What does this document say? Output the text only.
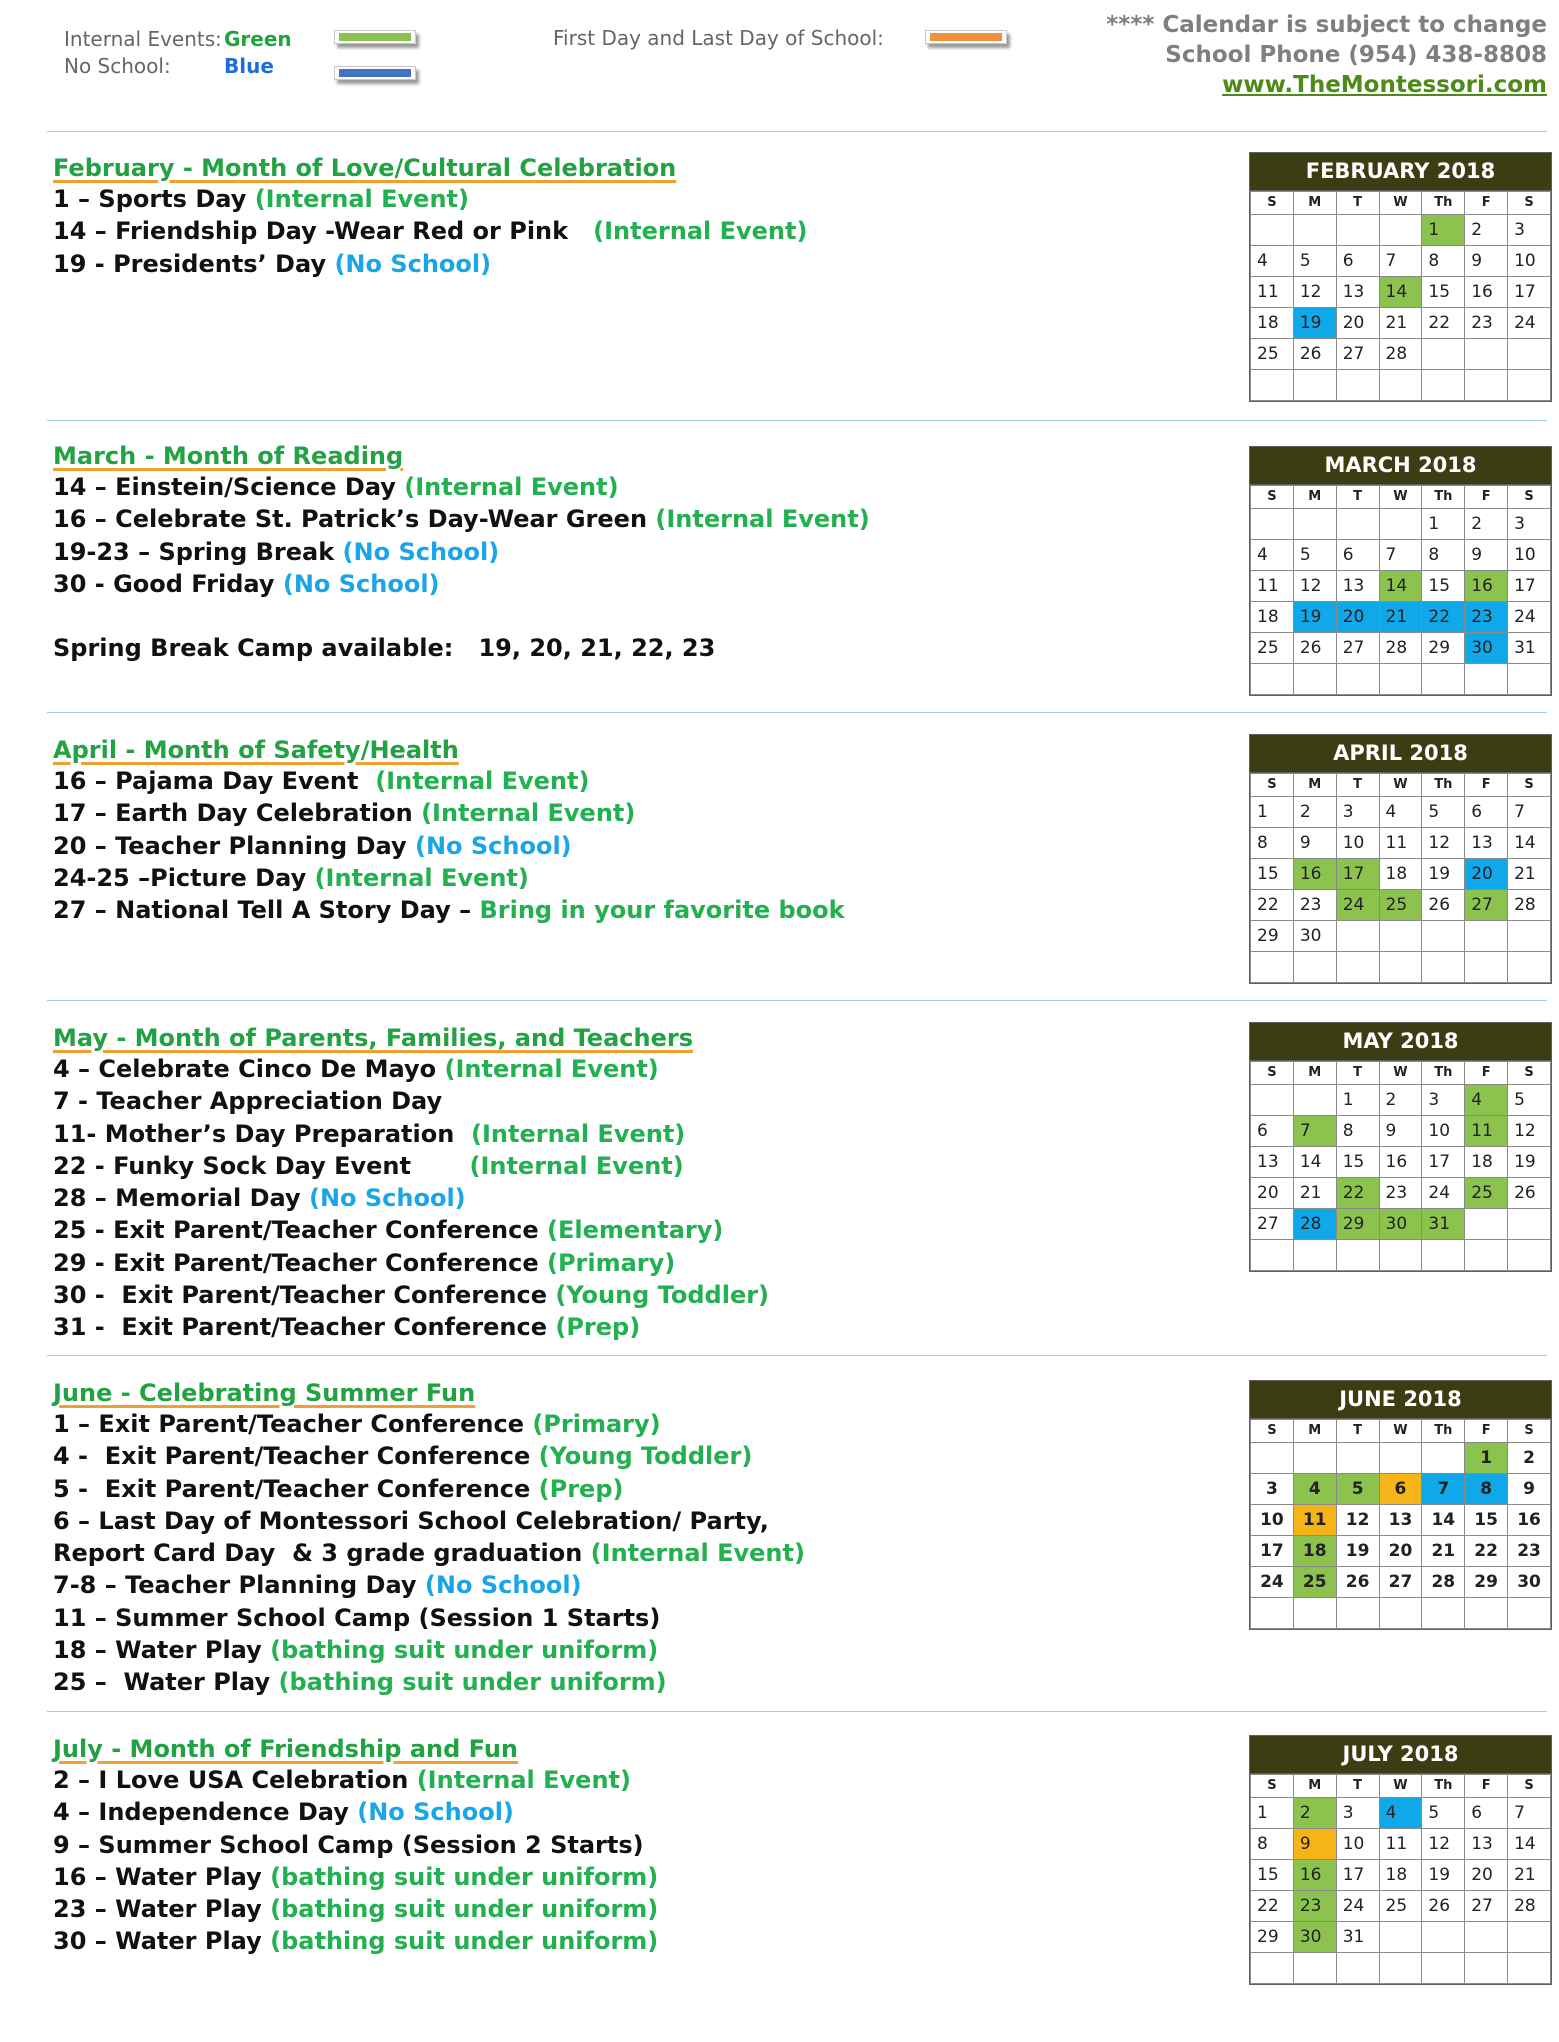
Internal Events: Green
No School:	Blue
First Day and Last Day of School:	**** Calendar is subject to change
School Phone (954) 438-8808
www.TheMontessori.com
February - Month of Love/Cultural Celebration
1 – Sports Day (Internal Event)
14 – Friendship Day -Wear Red or Pink   (Internal Event)
19 - Presidents’ Day (No School)
March - Month of Reading
14 – Einstein/Science Day (Internal Event)
16 – Celebrate St. Patrick’s Day-Wear Green (Internal Event)
19-23 – Spring Break (No School)
30 - Good Friday (No School)
Spring Break Camp available:   19, 20, 21, 22, 23
April - Month of Safety/Health
16 – Pajama Day Event  (Internal Event)
17 – Earth Day Celebration (Internal Event)
20 – Teacher Planning Day (No School)
24-25 –Picture Day (Internal Event)
27 – National Tell A Story Day – Bring in your favorite book
May - Month of Parents, Families, and Teachers
4 – Celebrate Cinco De Mayo (Internal Event)
7 - Teacher Appreciation Day
11- Mother’s Day Preparation  (Internal Event)
22 - Funky Sock Day Event       (Internal Event)
28 – Memorial Day (No School)
25 - Exit Parent/Teacher Conference (Elementary)
29 - Exit Parent/Teacher Conference (Primary)
30 -  Exit Parent/Teacher Conference (Young Toddler)
31 -  Exit Parent/Teacher Conference (Prep)
June - Celebrating Summer Fun
1 – Exit Parent/Teacher Conference (Primary)
4 -  Exit Parent/Teacher Conference (Young Toddler)
5 -  Exit Parent/Teacher Conference (Prep)
6 – Last Day of Montessori School Celebration/ Party,
Report Card Day  & 3 grade graduation (Internal Event)
7-8 – Teacher Planning Day (No School)
11 – Summer School Camp (Session 1 Starts)
18 – Water Play (bathing suit under uniform)
25 –  Water Play (bathing suit under uniform)
July - Month of Friendship and Fun
2 – I Love USA Celebration (Internal Event)
4 – Independence Day (No School)
9 – Summer School Camp (Session 2 Starts)
16 – Water Play (bathing suit under uniform)
23 – Water Play (bathing suit under uniform)
30 – Water Play (bathing suit under uniform)
FEBRUARY 2018
S	M	T	W	Th	F	S
				1	2	3
4	5	6	7	8	9	10
11	12	13	14	15	16	17
18	19	20	21	22	23	24
25	26	27	28			

MARCH 2018
S	M	T	W	Th	F	S
				1	2	3
4	5	6	7	8	9	10
11	12	13	14	15	16	17
18	19	20	21	22	23	24
25	26	27	28	29	30	31

APRIL 2018
S	M	T	W	Th	F	S
1	2	3	4	5	6	7
8	9	10	11	12	13	14
15	16	17	18	19	20	21
22	23	24	25	26	27	28
29	30					

MAY 2018
S	M	T	W	Th	F	S
		1	2	3	4	5
6	7	8	9	10	11	12
13	14	15	16	17	18	19
20	21	22	23	24	25	26
27	28	29	30	31		

JUNE 2018
S	M	T	W	Th	F	S
					1	2
3	4	5	6	7	8	9
10	11	12	13	14	15	16
17	18	19	20	21	22	23
24	25	26	27	28	29	30

JULY 2018
S	M	T	W	Th	F	S
1	2	3	4	5	6	7
8	9	10	11	12	13	14
15	16	17	18	19	20	21
22	23	24	25	26	27	28
29	30	31				
